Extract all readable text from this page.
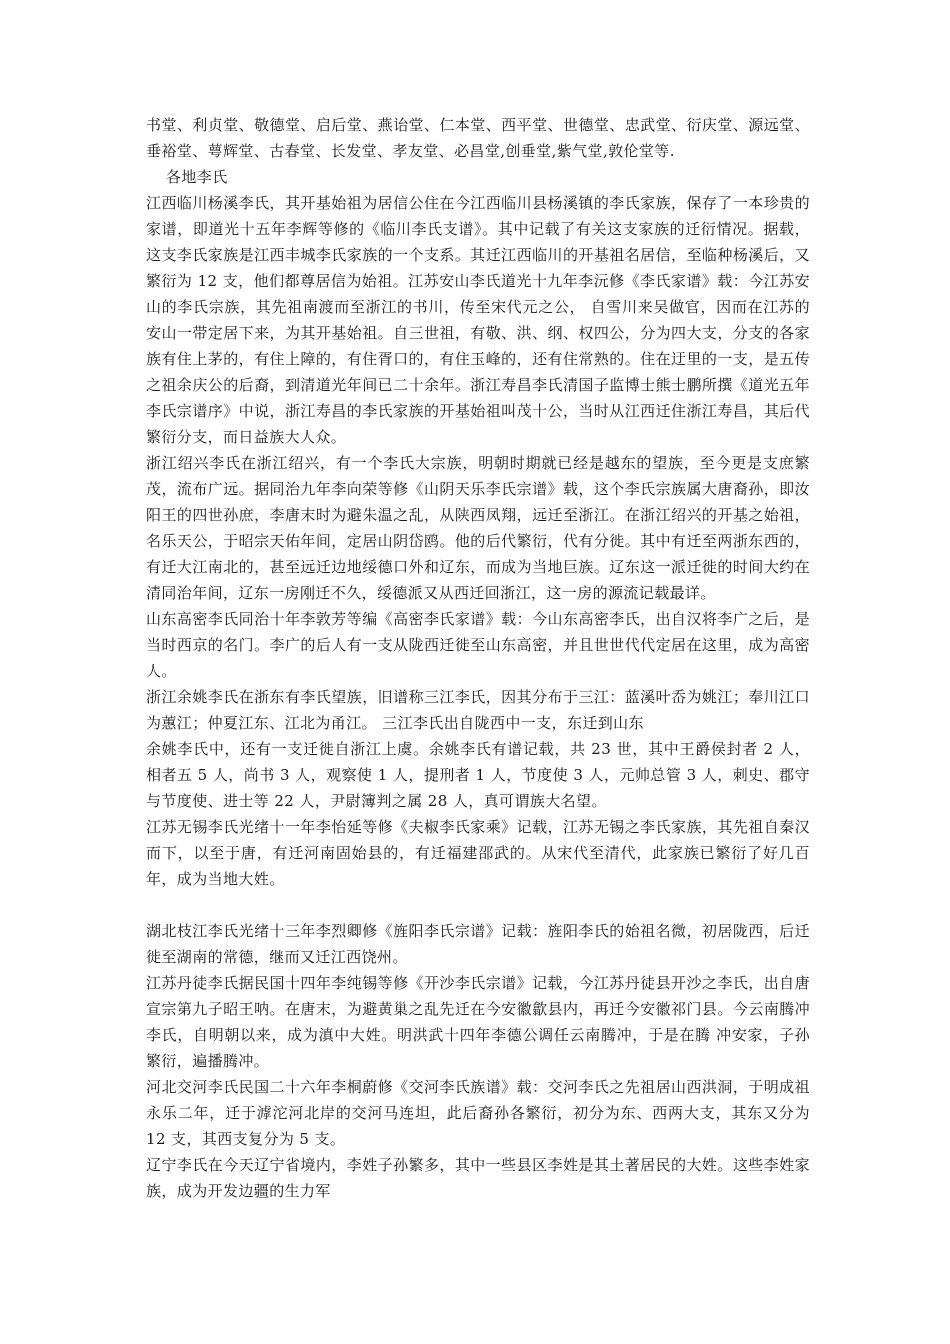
书堂、利贞堂、敬德堂、启后堂、燕诒堂、仁本堂、西平堂、世德堂、忠武堂、衍庆堂、源远堂、垂裕堂、萼辉堂、古春堂、长发堂、孝友堂、必昌堂,创垂堂,紫气堂,敦伦堂等.

各地李氏

江西临川杨溪李氏，其开基始祖为居信公住在今江西临川县杨溪镇的李氏家族，保存了一本珍贵的家谱，即道光十五年李辉等修的《临川李氏支谱》。其中记载了有关这支家族的迁衍情况。据载，这支李氏家族是江西丰城李氏家族的一个支系。其迁江西临川的开基祖名居信，至临种杨溪后，又繁衍为 12 支，他们都尊居信为始祖。江苏安山李氏道光十九年李沅修《李氏家谱》载：今江苏安山的李氏宗族，其先祖南渡而至浙江的书川，传至宋代元之公， 自雪川来吴做官，因而在江苏的安山一带定居下来，为其开基始祖。自三世祖，有敬、洪、纲、权四公，分为四大支，分支的各家族有住上茅的，有住上障的，有住胥口的，有住玉峰的，还有住常熟的。住在迂里的一支，是五传之祖余庆公的后裔，到清道光年间已二十余年。浙江寿昌李氏清国子监博士熊士鹏所撰《道光五年李氏宗谱序》中说，浙江寿昌的李氏家族的开基始祖叫茂十公，当时从江西迁住浙江寿昌，其后代繁衍分支，而日益族大人众。

浙江绍兴李氏在浙江绍兴，有一个李氏大宗族，明朝时期就已经是越东的望族，至今更是支庶繁茂，流布广远。据同治九年李向荣等修《山阴天乐李氏宗谱》载，这个李氏宗族属大唐裔孙，即汝阳王的四世孙庶，李唐末时为避朱温之乱，从陕西凤翔，远迁至浙江。在浙江绍兴的开基之始祖，名乐天公，于昭宗天佑年间，定居山阴岱鸥。他的后代繁衍，代有分徙。其中有迁至两浙东西的，有迁大江南北的，甚至远迁边地绥德口外和辽东，而成为当地巨族。辽东这一派迁徙的时间大约在清同治年间，辽东一房刚迁不久，绥德派又从西迁回浙江，这一房的源流记载最详。

山东高密李氏同治十年李敦芳等编《高密李氏家谱》载：今山东高密李氏，出自汉将李广之后，是当时西京的名门。李广的后人有一支从陇西迁徙至山东高密，并且世世代代定居在这里，成为高密人。

浙江余姚李氏在浙东有李氏望族，旧谱称三江李氏，因其分布于三江：蓝溪叶岙为姚江；奉川江口为蕙江；仲夏江东、江北为甬江。 三江李氏出自陇西中一支，东迁到山东

余姚李氏中，还有一支迁徙自浙江上虞。余姚李氏有谱记载，共 23 世，其中王爵侯封者 2 人，相者五 5 人，尚书 3 人，观察使 1 人，提刑者 1 人，节度使 3 人，元帅总管 3 人，刺史、郡守与节度使、进士等 22 人，尹尉簿判之属 28 人，真可谓族大名望。

江苏无锡李氏光绪十一年李怡延等修《夫椒李氏家乘》记载，江苏无锡之李氏家族，其先祖自秦汉而下，以至于唐，有迁河南固始县的，有迁福建邵武的。从宋代至清代，此家族已繁衍了好几百年，成为当地大姓。

湖北枝江李氏光绪十三年李烈卿修《旌阳李氏宗谱》记载：旌阳李氏的始祖名微，初居陇西，后迁徙至湖南的常德，继而又迁江西饶州。

江苏丹徒李氏据民国十四年李纯锡等修《开沙李氏宗谱》记载，今江苏丹徒县开沙之李氏，出自唐宣宗第九子昭王呐。在唐末，为避黄巢之乱先迁在今安徽歙县内，再迁今安徽祁门县。今云南腾冲李氏，自明朝以来，成为滇中大姓。明洪武十四年李德公调任云南腾冲，于是在腾 冲安家，子孙繁衍，遍播腾冲。

河北交河李氏民国二十六年李桐蔚修《交河李氏族谱》载：交河李氏之先祖居山西洪洞，于明成祖永乐二年，迁于滹沱河北岸的交河马连坦，此后裔孙各繁衍，初分为东、西两大支，其东又分为 12 支，其西支复分为 5 支。

辽宁李氏在今天辽宁省境内，李姓子孙繁多，其中一些县区李姓是其土著居民的大姓。这些李姓家族，成为开发边疆的生力军
